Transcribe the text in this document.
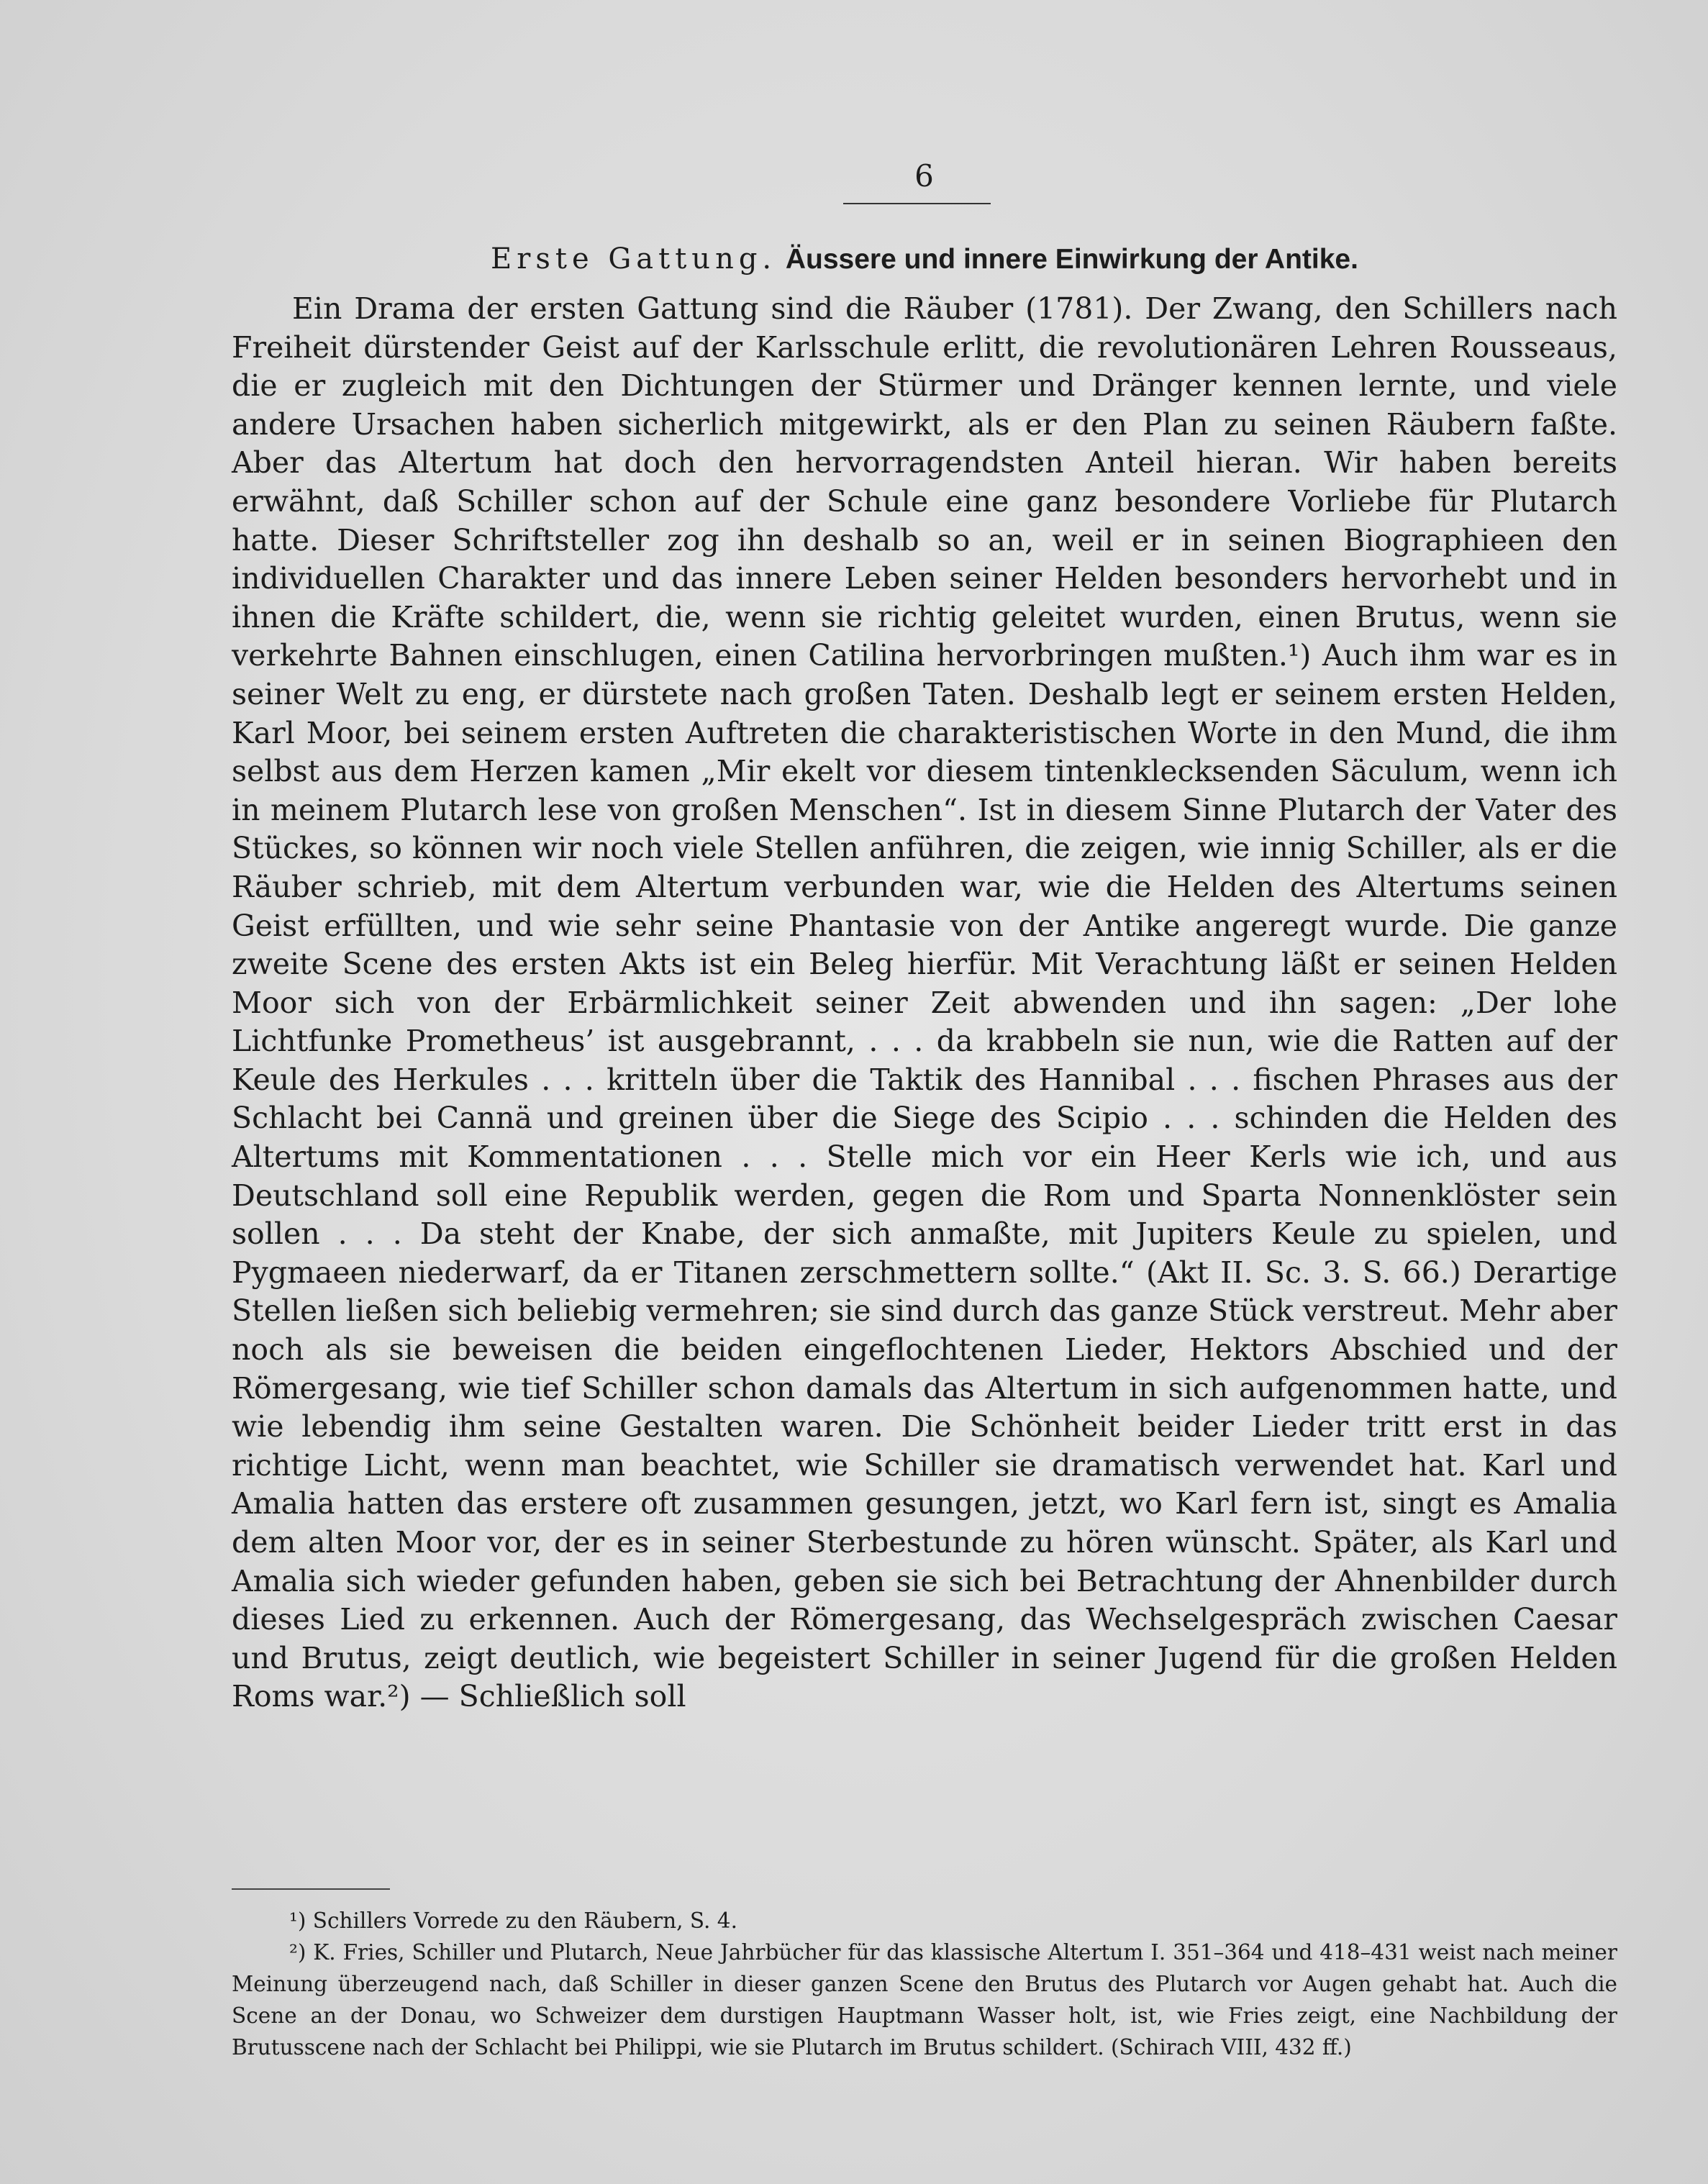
6
Erste Gattung. Äussere und innere Einwirkung der Antike.
Ein Drama der ersten Gattung sind die Räuber (1781). Der Zwang, den Schillers nach Freiheit dürstender Geist auf der Karlsschule erlitt, die revolutionären Lehren Rousseaus, die er zugleich mit den Dichtungen der Stürmer und Dränger kennen lernte, und viele andere Ursachen haben sicherlich mitgewirkt, als er den Plan zu seinen Räubern faßte. Aber das Altertum hat doch den hervorragendsten Anteil hieran. Wir haben bereits erwähnt, daß Schiller schon auf der Schule eine ganz besondere Vorliebe für Plutarch hatte. Dieser Schriftsteller zog ihn deshalb so an, weil er in seinen Biographieen den individuellen Charakter und das innere Leben seiner Helden besonders hervorhebt und in ihnen die Kräfte schildert, die, wenn sie richtig geleitet wurden, einen Brutus, wenn sie verkehrte Bahnen einschlugen, einen Catilina hervorbringen mußten.¹) Auch ihm war es in seiner Welt zu eng, er dürstete nach großen Taten. Deshalb legt er seinem ersten Helden, Karl Moor, bei seinem ersten Auftreten die charakteristischen Worte in den Mund, die ihm selbst aus dem Herzen kamen „Mir ekelt vor diesem tintenklecksenden Säculum, wenn ich in meinem Plutarch lese von großen Menschen“. Ist in diesem Sinne Plutarch der Vater des Stückes, so können wir noch viele Stellen anführen, die zeigen, wie innig Schiller, als er die Räuber schrieb, mit dem Altertum verbunden war, wie die Helden des Altertums seinen Geist erfüllten, und wie sehr seine Phantasie von der Antike angeregt wurde. Die ganze zweite Scene des ersten Akts ist ein Beleg hierfür. Mit Verachtung läßt er seinen Helden Moor sich von der Erbärmlichkeit seiner Zeit abwenden und ihn sagen: „Der lohe Lichtfunke Prometheus’ ist ausgebrannt, . . . da krabbeln sie nun, wie die Ratten auf der Keule des Herkules . . . kritteln über die Taktik des Hannibal . . . fischen Phrases aus der Schlacht bei Cannä und greinen über die Siege des Scipio . . . schinden die Helden des Altertums mit Kommentationen . . . Stelle mich vor ein Heer Kerls wie ich, und aus Deutschland soll eine Republik werden, gegen die Rom und Sparta Nonnenklöster sein sollen . . . Da steht der Knabe, der sich anmaßte, mit Jupiters Keule zu spielen, und Pygmaeen niederwarf, da er Titanen zerschmettern sollte.“ (Akt II. Sc. 3. S. 66.) Derartige Stellen ließen sich beliebig vermehren; sie sind durch das ganze Stück verstreut. Mehr aber noch als sie beweisen die beiden eingeflochtenen Lieder, Hektors Abschied und der Römergesang, wie tief Schiller schon damals das Altertum in sich aufgenommen hatte, und wie lebendig ihm seine Gestalten waren. Die Schönheit beider Lieder tritt erst in das richtige Licht, wenn man beachtet, wie Schiller sie dramatisch verwendet hat. Karl und Amalia hatten das erstere oft zusammen gesungen, jetzt, wo Karl fern ist, singt es Amalia dem alten Moor vor, der es in seiner Sterbestunde zu hören wünscht. Später, als Karl und Amalia sich wieder gefunden haben, geben sie sich bei Betrachtung der Ahnenbilder durch dieses Lied zu erkennen. Auch der Römergesang, das Wechselgespräch zwischen Caesar und Brutus, zeigt deutlich, wie begeistert Schiller in seiner Jugend für die großen Helden Roms war.²) — Schließlich soll

¹) Schillers Vorrede zu den Räubern, S. 4.

²) K. Fries, Schiller und Plutarch, Neue Jahrbücher für das klassische Altertum I. 351–364 und 418–431 weist nach meiner Meinung überzeugend nach, daß Schiller in dieser ganzen Scene den Brutus des Plutarch vor Augen gehabt hat. Auch die Scene an der Donau, wo Schweizer dem durstigen Hauptmann Wasser holt, ist, wie Fries zeigt, eine Nachbildung der Brutusscene nach der Schlacht bei Philippi, wie sie Plutarch im Brutus schildert. (Schirach VIII, 432 ff.)
